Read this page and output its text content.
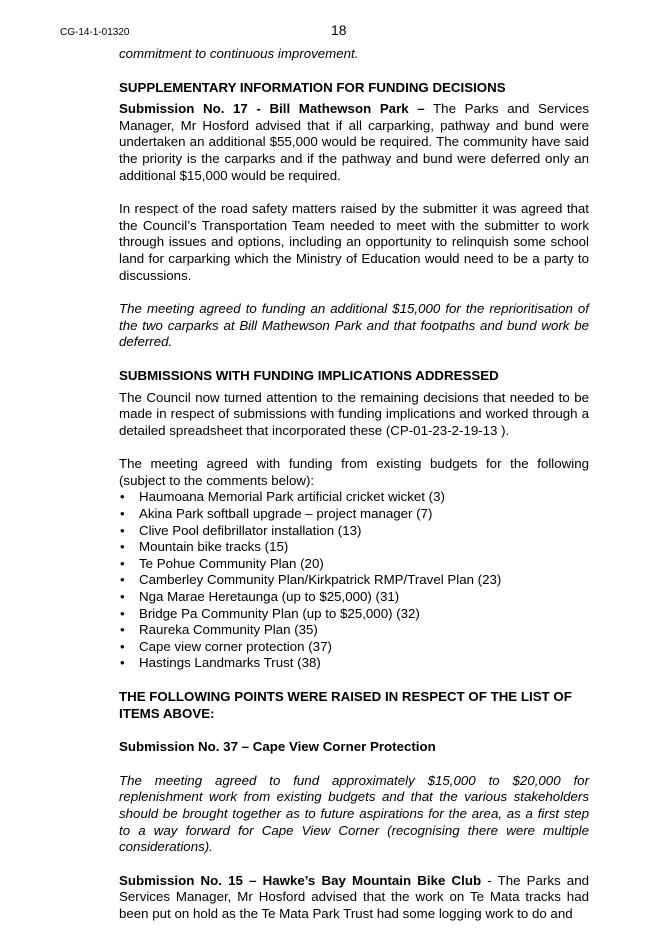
CG-14-1-01320	18

commitment to continuous improvement.

SUPPLEMENTARY INFORMATION FOR FUNDING DECISIONS

Submission No. 17 - Bill Mathewson Park – The Parks and Services Manager, Mr Hosford advised that if all carparking, pathway and bund were undertaken an additional $55,000 would be required. The community have said the priority is the carparks and if the pathway and bund were deferred only an additional $15,000 would be required.

In respect of the road safety matters raised by the submitter it was agreed that the Council’s Transportation Team needed to meet with the submitter to work through issues and options, including an opportunity to relinquish some school land for carparking which the Ministry of Education would need to be a party to discussions.

The meeting agreed to funding an additional $15,000 for the reprioritisation of the two carparks at Bill Mathewson Park and that footpaths and bund work be deferred.

SUBMISSIONS WITH FUNDING IMPLICATIONS ADDRESSED

The Council now turned attention to the remaining decisions that needed to be made in respect of submissions with funding implications and worked through a detailed spreadsheet that incorporated these (CP-01-23-2-19-13 ).

The meeting agreed with funding from existing budgets for the following (subject to the comments below):

• Haumoana Memorial Park artificial cricket wicket (3)
• Akina Park softball upgrade – project manager (7)
• Clive Pool defibrillator installation (13)
• Mountain bike tracks (15)
• Te Pohue Community Plan (20)
• Camberley Community Plan/Kirkpatrick RMP/Travel Plan (23)
• Nga Marae Heretaunga (up to $25,000) (31)
• Bridge Pa Community Plan (up to $25,000) (32)
• Raureka Community Plan (35)
• Cape view corner protection (37)
• Hastings Landmarks Trust (38)

THE FOLLOWING POINTS WERE RAISED IN RESPECT OF THE LIST OF ITEMS ABOVE:

Submission No. 37 – Cape View Corner Protection

The meeting agreed to fund approximately $15,000 to $20,000 for replenishment work from existing budgets and that the various stakeholders should be brought together as to future aspirations for the area, as a first step to a way forward for Cape View Corner (recognising there were multiple considerations).

Submission No. 15 – Hawke’s Bay Mountain Bike Club - The Parks and Services Manager, Mr Hosford advised that the work on Te Mata tracks had been put on hold as the Te Mata Park Trust had some logging work to do and
